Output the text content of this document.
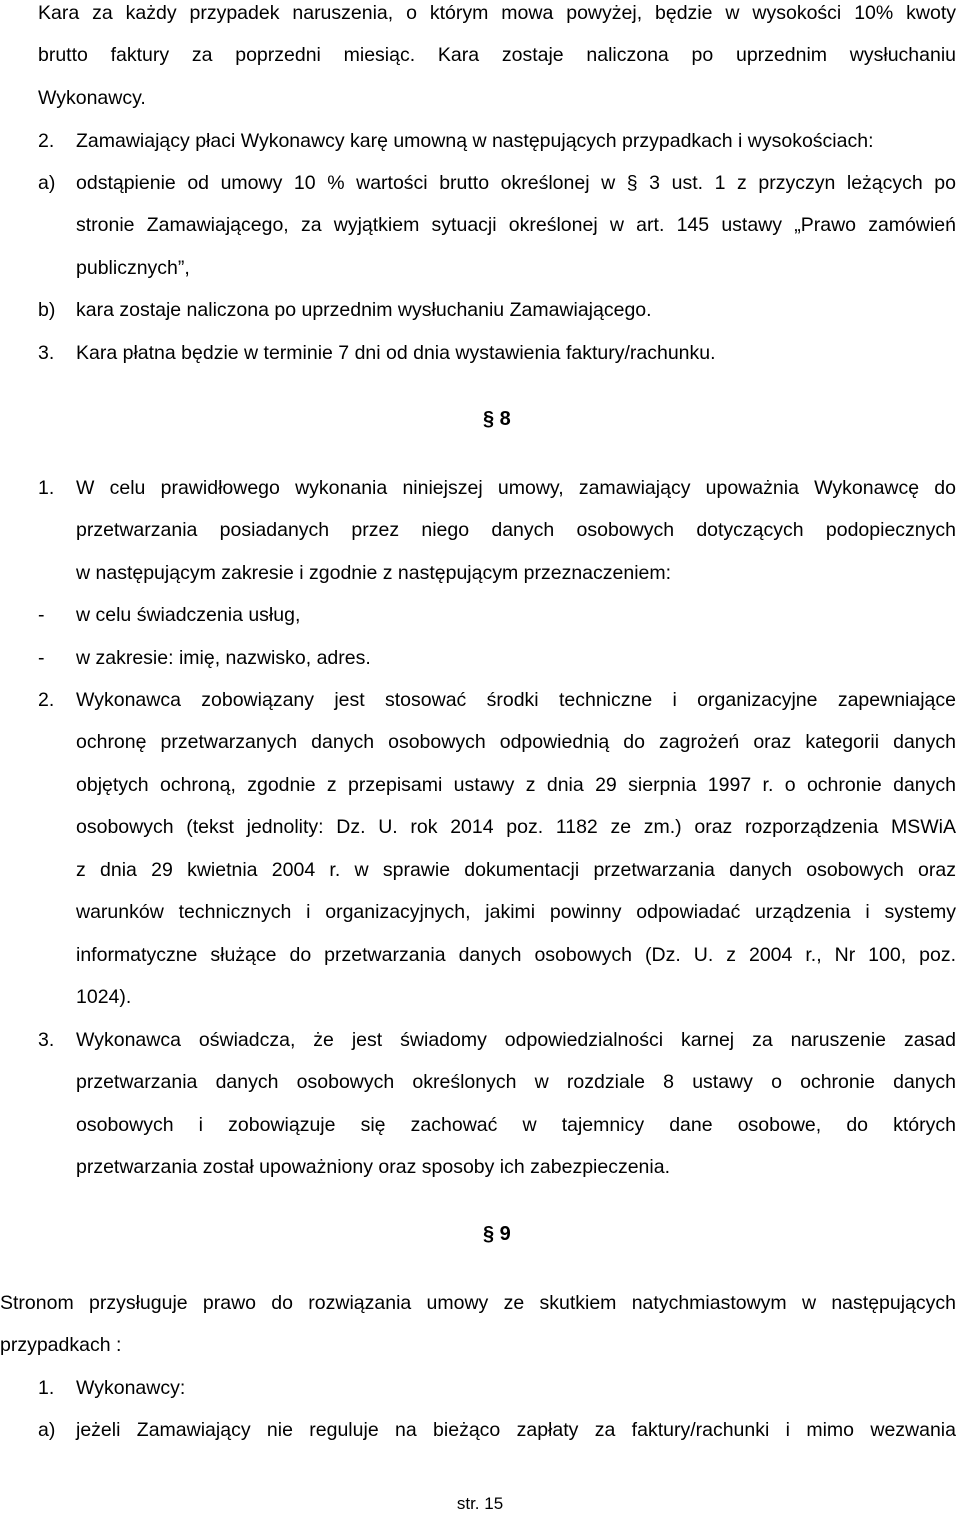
Kara za każdy przypadek naruszenia, o którym mowa powyżej, będzie w wysokości 10% kwoty
brutto faktury za poprzedni miesiąc. Kara zostaje naliczona po uprzednim wysłuchaniu
Wykonawcy.
2. Zamawiający płaci Wykonawcy karę umowną w następujących przypadkach i wysokościach:
a) odstąpienie od umowy 10 % wartości brutto określonej w § 3 ust. 1 z przyczyn leżących po
stronie Zamawiającego, za wyjątkiem sytuacji określonej w art. 145 ustawy „Prawo zamówień
publicznych”,
b) kara zostaje naliczona po uprzednim wysłuchaniu Zamawiającego.
3. Kara płatna będzie w terminie 7 dni od dnia wystawienia faktury/rachunku.
§ 8
1. W celu prawidłowego wykonania niniejszej umowy, zamawiający upoważnia Wykonawcę do
przetwarzania posiadanych przez niego danych osobowych dotyczących podopiecznych
w następującym zakresie i zgodnie z następującym przeznaczeniem:
- w celu świadczenia usług,
- w zakresie: imię, nazwisko, adres.
2. Wykonawca zobowiązany jest stosować środki techniczne i organizacyjne zapewniające
ochronę przetwarzanych danych osobowych odpowiednią do zagrożeń oraz kategorii danych
objętych ochroną, zgodnie z przepisami ustawy z dnia 29 sierpnia 1997 r. o ochronie danych
osobowych (tekst jednolity: Dz. U. rok 2014 poz. 1182 ze zm.) oraz rozporządzenia MSWiA
z dnia 29 kwietnia 2004 r. w sprawie dokumentacji przetwarzania danych osobowych oraz
warunków technicznych i organizacyjnych, jakimi powinny odpowiadać urządzenia i systemy
informatyczne służące do przetwarzania danych osobowych (Dz. U. z 2004 r., Nr 100, poz.
1024).
3. Wykonawca oświadcza, że jest świadomy odpowiedzialności karnej za naruszenie zasad
przetwarzania danych osobowych określonych w rozdziale 8 ustawy o ochronie danych
osobowych i zobowiązuje się zachować w tajemnicy dane osobowe, do których
przetwarzania został upoważniony oraz sposoby ich zabezpieczenia.
§ 9
Stronom przysługuje prawo do rozwiązania umowy ze skutkiem natychmiastowym w następujących
przypadkach :
1. Wykonawcy:
a) jeżeli Zamawiający nie reguluje na bieżąco zapłaty za faktury/rachunki i mimo wezwania
str. 15
